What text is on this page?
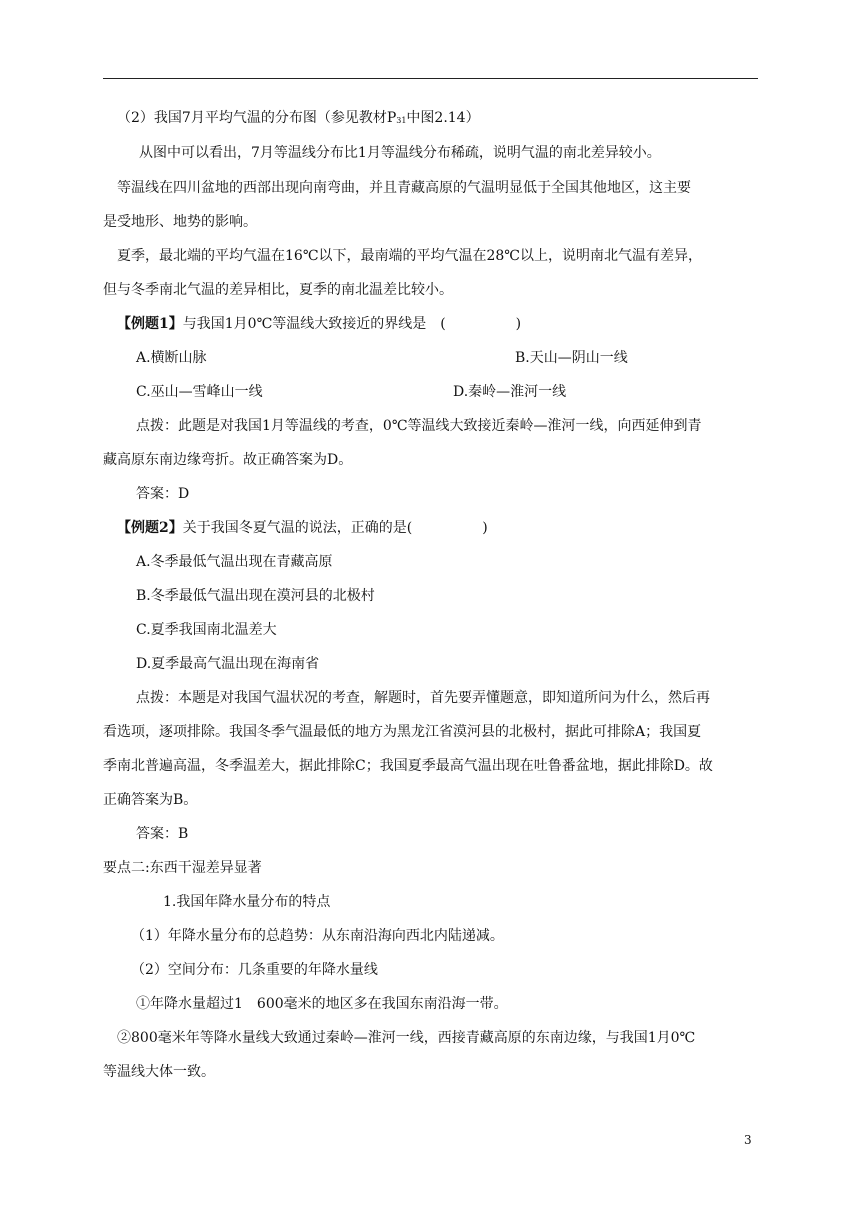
（2）我国7月平均气温的分布图（参见教材$P_{31}$中图2.14）
从图中可以看出，7月等温线分布比1月等温线分布稀疏，说明气温的南北差异较小。
等温线在四川盆地的西部出现向南弯曲，并且青藏高原的气温明显低于全国其他地区，这主要
是受地形、地势的影响。
夏季，最北端的平均气温在16℃以下，最南端的平均气温在28℃以上，说明南北气温有差异，
但与冬季南北气温的差异相比，夏季的南北温差比较小。
【例题1】与我国1月0℃等温线大致接近的界线是　(　　　　　)
A.横断山脉	B.天山—阴山一线
C.巫山—雪峰山一线	D.秦岭—淮河一线
点拨：此题是对我国1月等温线的考查，0℃等温线大致接近秦岭—淮河一线，向西延伸到青
藏高原东南边缘弯折。故正确答案为D。
答案：D
【例题2】关于我国冬夏气温的说法，正确的是(　　　　　)
A.冬季最低气温出现在青藏高原
B.冬季最低气温出现在漠河县的北极村
C.夏季我国南北温差大
D.夏季最高气温出现在海南省
点拨：本题是对我国气温状况的考查，解题时，首先要弄懂题意，即知道所问为什么，然后再
看选项，逐项排除。我国冬季气温最低的地方为黑龙江省漠河县的北极村，据此可排除A；我国夏
季南北普遍高温，冬季温差大，据此排除C；我国夏季最高气温出现在吐鲁番盆地，据此排除D。故
正确答案为B。
答案：B
要点二:东西干湿差异显著
1.我国年降水量分布的特点
（1）年降水量分布的总趋势：从东南沿海向西北内陆递减。
（2）空间分布：几条重要的年降水量线
①年降水量超过1　600毫米的地区多在我国东南沿海一带。
②800毫米年等降水量线大致通过秦岭—淮河一线，西接青藏高原的东南边缘，与我国1月0℃
等温线大体一致。
3
